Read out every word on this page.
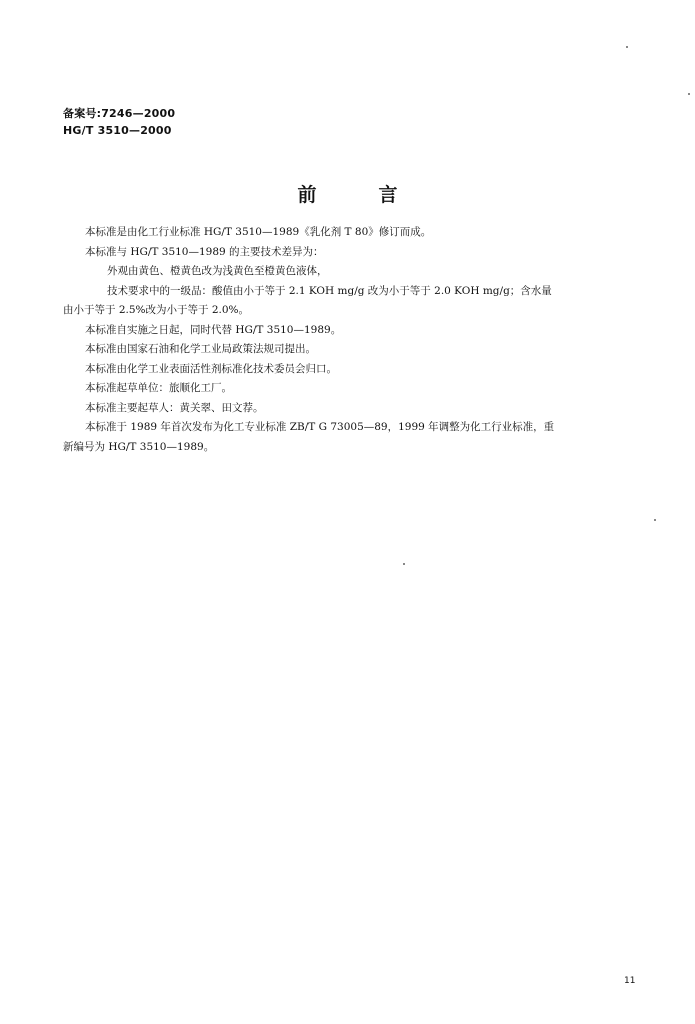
备案号:7246—2000
HG/T 3510—2000
前言
本标准是由化工行业标准 HG/T 3510—1989《乳化剂 T 80》修订而成。
本标准与 HG/T 3510—1989 的主要技术差异为：
外观由黄色、橙黄色改为浅黄色至橙黄色液体，
技术要求中的一级品：酸值由小于等于 2.1 KOH mg/g 改为小于等于 2.0 KOH mg/g；含水量
由小于等于 2.5%改为小于等于 2.0%。
本标准自实施之日起，同时代替 HG/T 3510—1989。
本标准由国家石油和化学工业局政策法规司提出。
本标准由化学工业表面活性剂标准化技术委员会归口。
本标准起草单位：旅顺化工厂。
本标准主要起草人：黄关翠、田文荐。
本标准于 1989 年首次发布为化工专业标准 ZB/T G 73005—89，1999 年调整为化工行业标准，重
新编号为 HG/T 3510—1989。
11
